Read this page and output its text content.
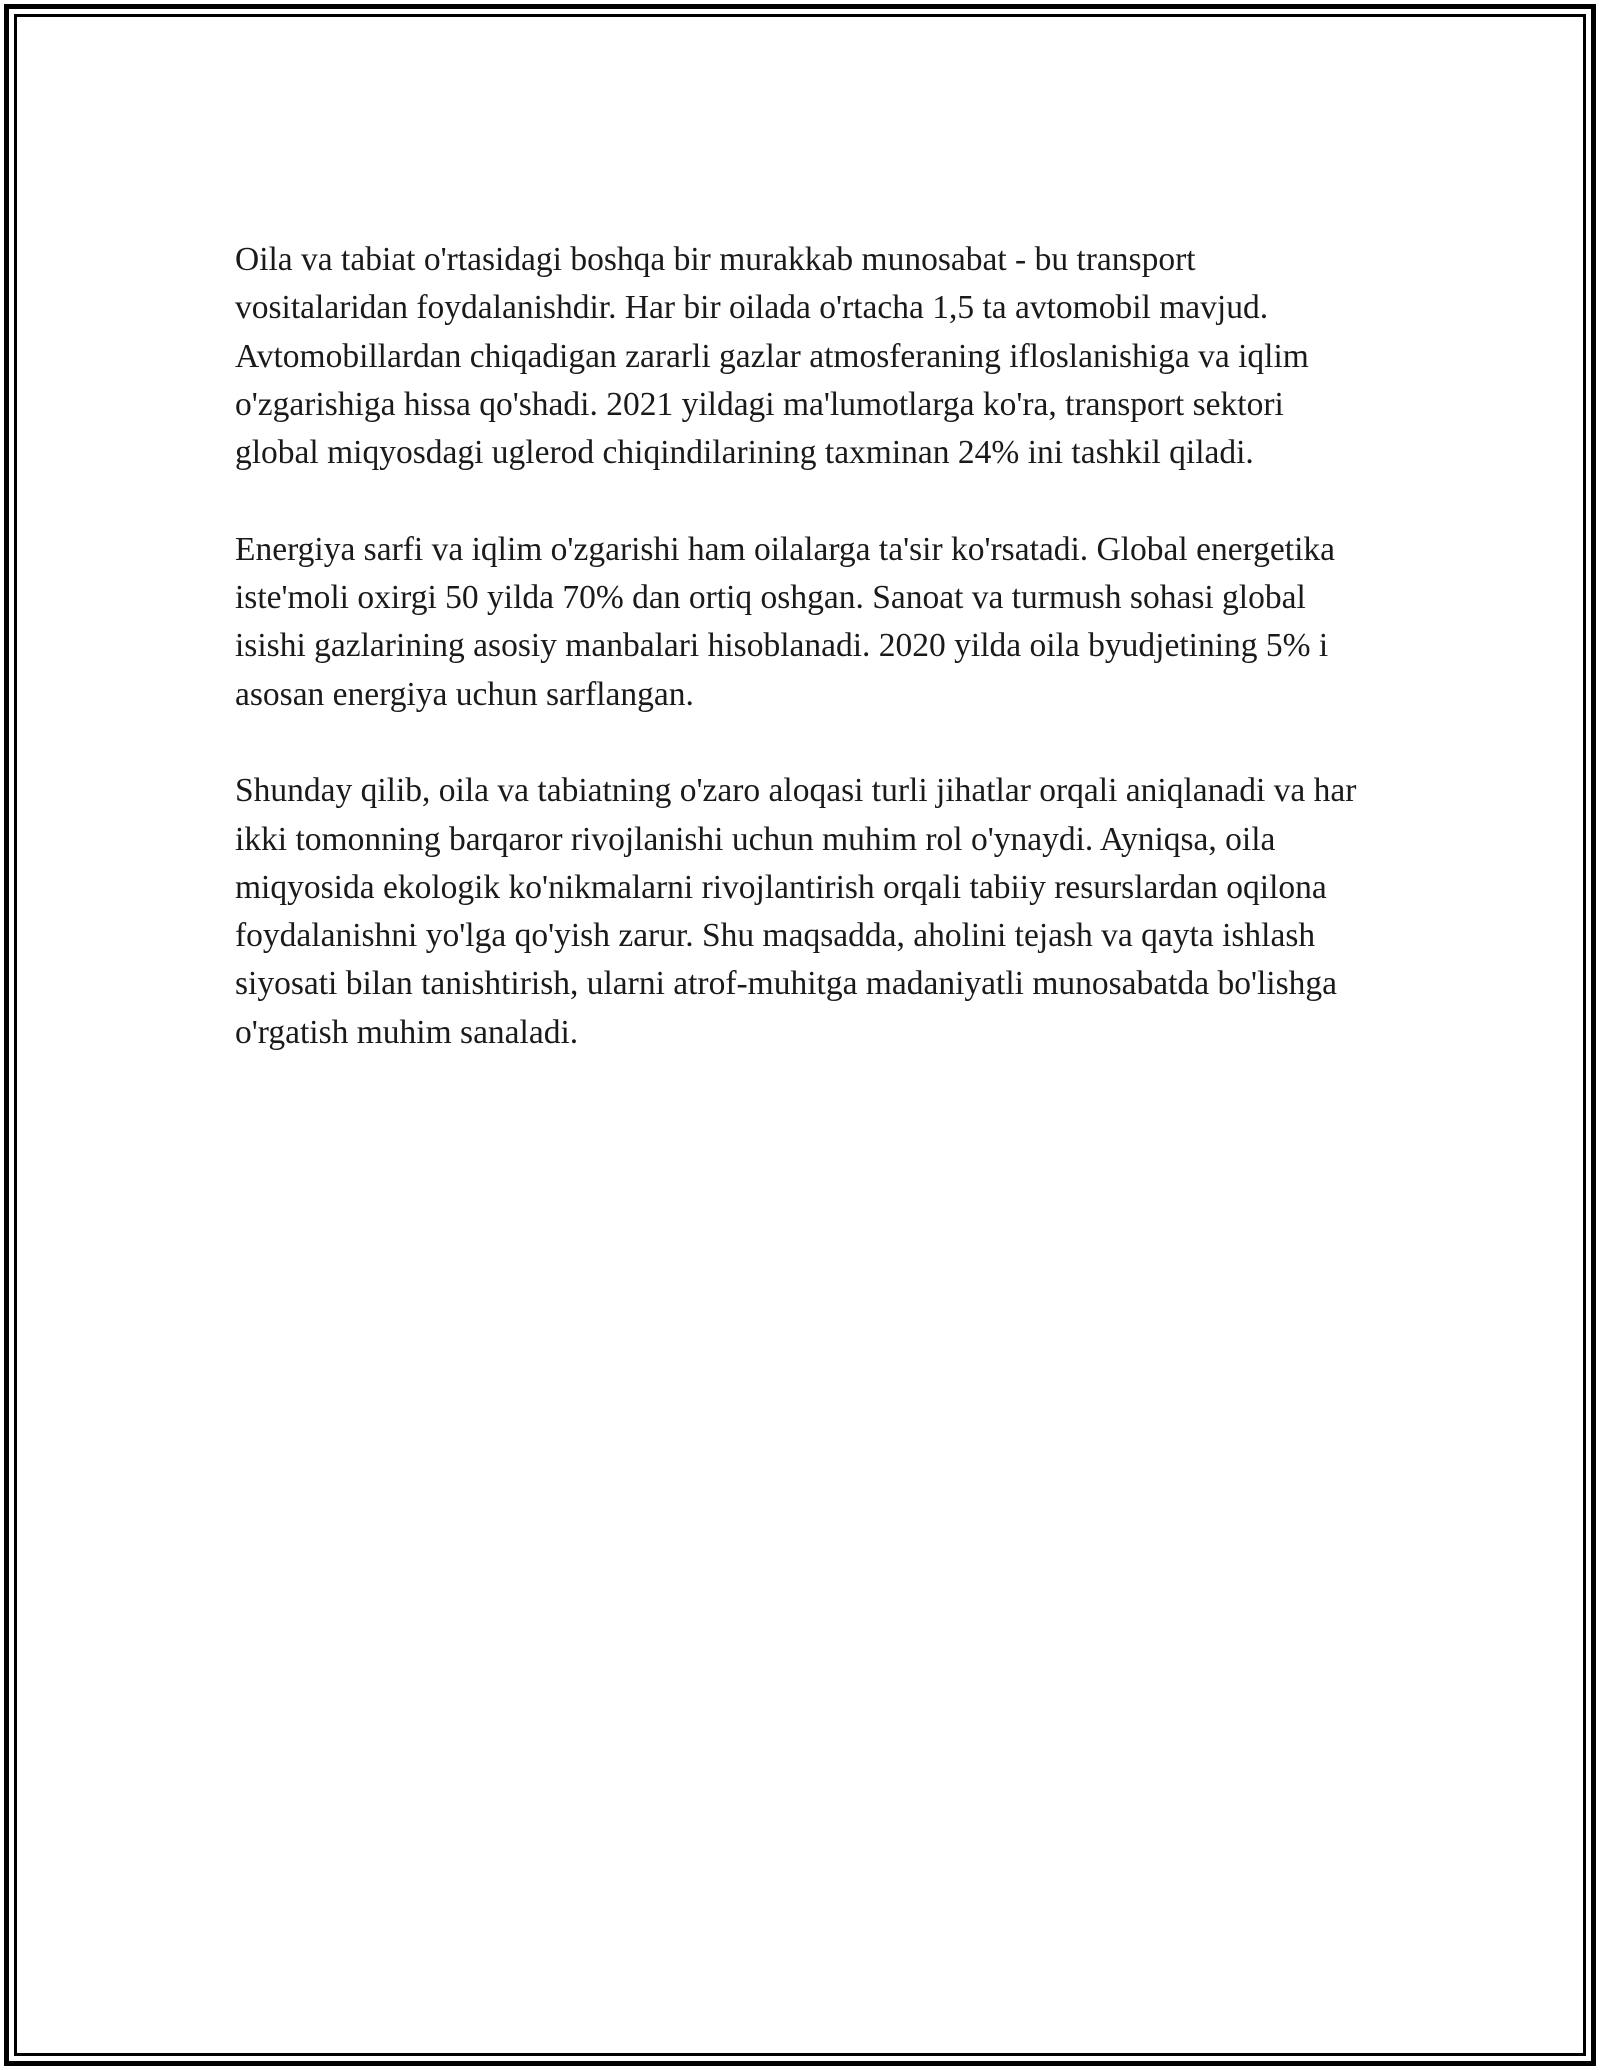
Oila va tabiat o'rtasidagi boshqa bir murakkab munosabat - bu transport vositalaridan foydalanishdir. Har bir oilada o'rtacha 1,5 ta avtomobil mavjud. Avtomobillardan chiqadigan zararli gazlar atmosferaning ifloslanishiga va iqlim o'zgarishiga hissa qo'shadi. 2021 yildagi ma'lumotlarga ko'ra, transport sektori global miqyosdagi uglerod chiqindilarining taxminan 24% ini tashkil qiladi.

Energiya sarfi va iqlim o'zgarishi ham oilalarga ta'sir ko'rsatadi. Global energetika iste'moli oxirgi 50 yilda 70% dan ortiq oshgan. Sanoat va turmush sohasi global isishi gazlarining asosiy manbalari hisoblanadi. 2020 yilda oila byudjetining 5% i asosan energiya uchun sarflangan.

Shunday qilib, oila va tabiatning o'zaro aloqasi turli jihatlar orqali aniqlanadi va har ikki tomonning barqaror rivojlanishi uchun muhim rol o'ynaydi. Ayniqsa, oila miqyosida ekologik ko'nikmalarni rivojlantirish orqali tabiiy resurslardan oqilona foydalanishni yo'lga qo'yish zarur. Shu maqsadda, aholini tejash va qayta ishlash siyosati bilan tanishtirish, ularni atrof-muhitga madaniyatli munosabatda bo'lishga o'rgatish muhim sanaladi.
